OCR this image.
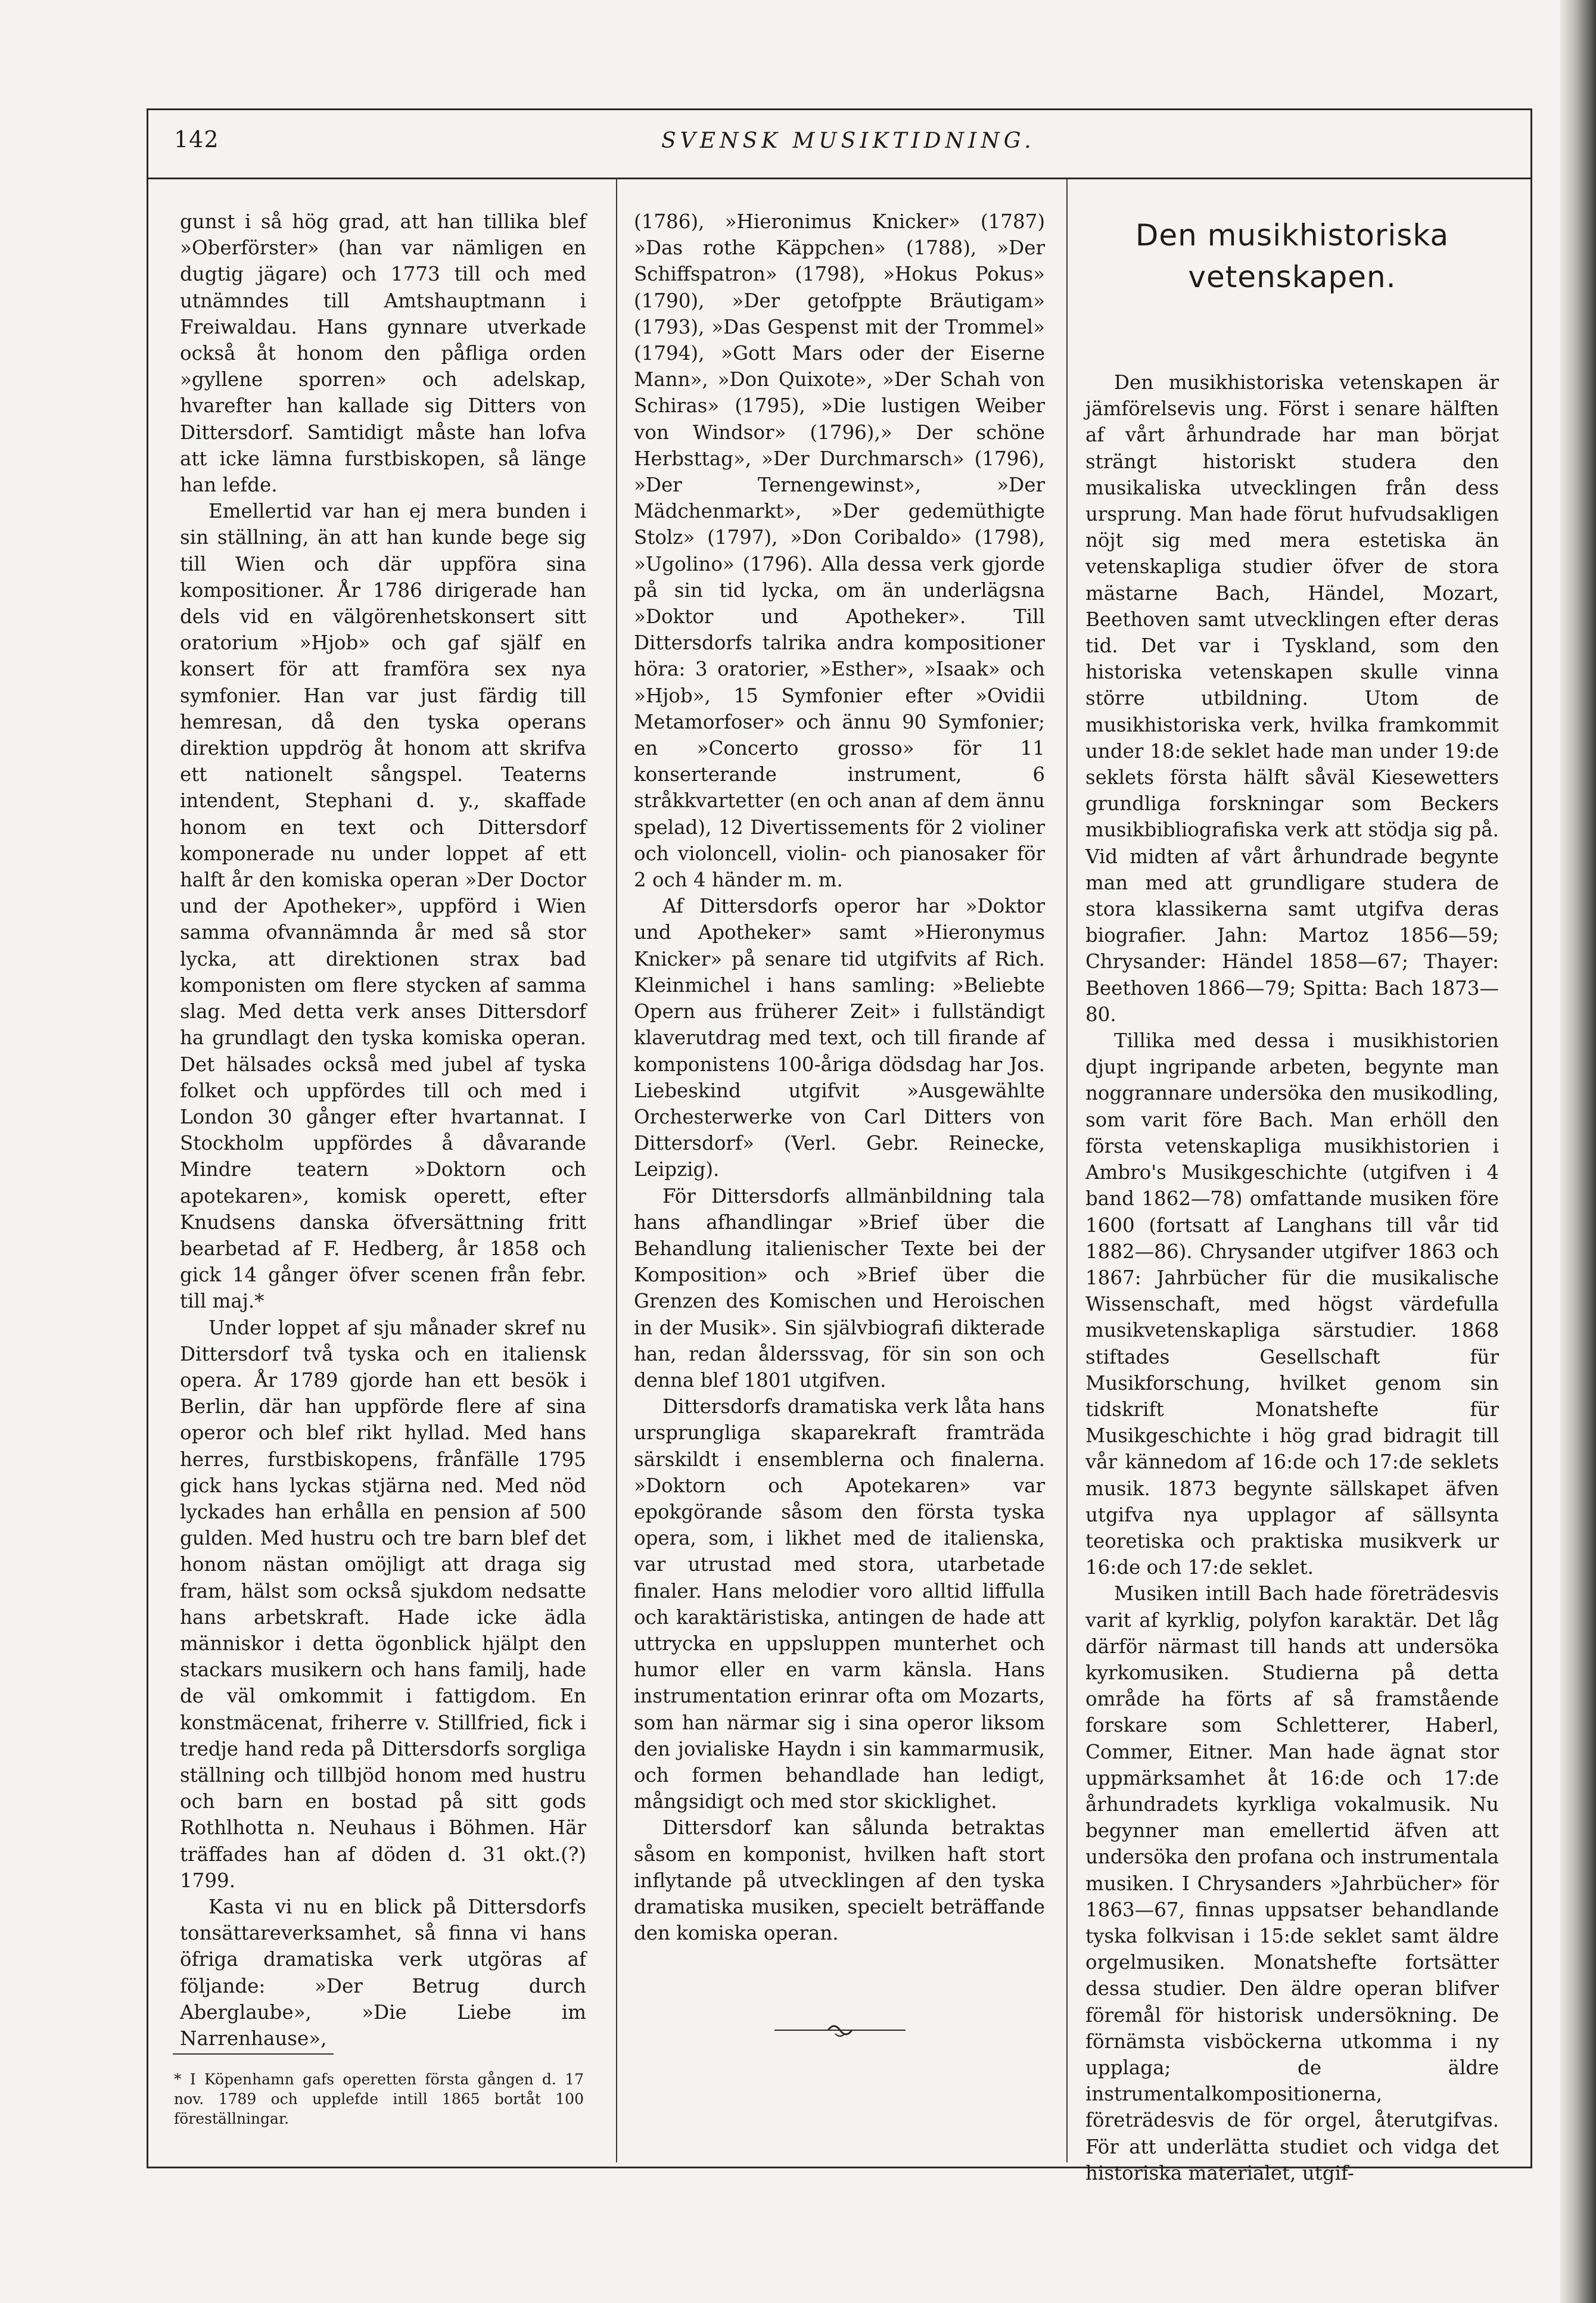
142	SVENSK MUSIKTIDNING.

gunst i så hög grad, att han tillika blef »Oberförster» (han var nämligen en dugtig jägare) och 1773 till och med utnämndes till Amtshauptmann i Freiwaldau. Hans gynnare utverkade också åt honom den påfliga orden »gyllene sporren» och adelskap, hvarefter han kallade sig Ditters von Dittersdorf. Samtidigt måste han lofva att icke lämna furstbiskopen, så länge han lefde.

Emellertid var han ej mera bunden i sin ställning, än att han kunde bege sig till Wien och där uppföra sina kompositioner. År 1786 dirigerade han dels vid en välgörenhetskonsert sitt oratorium »Hjob» och gaf själf en konsert för att framföra sex nya symfonier. Han var just färdig till hemresan, då den tyska operans direktion uppdrög åt honom att skrifva ett nationelt sångspel. Teaterns intendent, Stephani d. y., skaffade honom en text och Dittersdorf komponerade nu under loppet af ett halft år den komiska operan »Der Doctor und der Apotheker», uppförd i Wien samma ofvannämnda år med så stor lycka, att direktionen strax bad komponisten om flere stycken af samma slag. Med detta verk anses Dittersdorf ha grundlagt den tyska komiska operan. Det hälsades också med jubel af tyska folket och uppfördes till och med i London 30 gånger efter hvartannat. I Stockholm uppfördes å dåvarande Mindre teatern »Doktorn och apotekaren», komisk operett, efter Knudsens danska öfversättning fritt bearbetad af F. Hedberg, år 1858 och gick 14 gånger öfver scenen från febr. till maj.*

Under loppet af sju månader skref nu Dittersdorf två tyska och en italiensk opera. År 1789 gjorde han ett besök i Berlin, där han uppförde flere af sina operor och blef rikt hyllad. Med hans herres, furstbiskopens, frånfälle 1795 gick hans lyckas stjärna ned. Med nöd lyckades han erhålla en pension af 500 gulden. Med hustru och tre barn blef det honom nästan omöjligt att draga sig fram, hälst som också sjukdom nedsatte hans arbetskraft. Hade icke ädla människor i detta ögonblick hjälpt den stackars musikern och hans familj, hade de väl omkommit i fattigdom. En konstmäcenat, friherre v. Stillfried, fick i tredje hand reda på Dittersdorfs sorgliga ställning och tillbjöd honom med hustru och barn en bostad på sitt gods Rothlhotta n. Neuhaus i Böhmen. Här träffades han af döden d. 31 okt.(?) 1799.

Kasta vi nu en blick på Dittersdorfs tonsättareverksamhet, så finna vi hans öfriga dramatiska verk utgöras af följande: »Der Betrug durch Aberglaube», »Die Liebe im Narrenhause»,

* I Köpenhamn gafs operetten första gången d. 17 nov. 1789 och upplefde intill 1865 bortåt 100 föreställningar.

(1786), »Hieronimus Knicker» (1787) »Das rothe Käppchen» (1788), »Der Schiffspatron» (1798), »Hokus Pokus» (1790), »Der getofppte Bräutigam» (1793), »Das Gespenst mit der Trommel» (1794), »Gott Mars oder der Eiserne Mann», »Don Quixote», »Der Schah von Schiras» (1795), »Die lustigen Weiber von Windsor» (1796),» Der schöne Herbsttag», »Der Durchmarsch» (1796), »Der Ternengewinst», »Der Mädchenmarkt», »Der gedemüthigte Stolz» (1797), »Don Coribaldo» (1798), »Ugolino» (1796). Alla dessa verk gjorde på sin tid lycka, om än underlägsna »Doktor und Apotheker». Till Dittersdorfs talrika andra kompositioner höra: 3 oratorier, »Esther», »Isaak» och »Hjob», 15 Symfonier efter »Ovidii Metamorfoser» och ännu 90 Symfonier; en »Concerto grosso» för 11 konserterande instrument, 6 stråkkvartetter (en och anan af dem ännu spelad), 12 Divertissements för 2 violiner och violoncell, violin- och pianosaker för 2 och 4 händer m. m.

Af Dittersdorfs operor har »Doktor und Apotheker» samt »Hieronymus Knicker» på senare tid utgifvits af Rich. Kleinmichel i hans samling: »Beliebte Opern aus früherer Zeit» i fullständigt klaverutdrag med text, och till firande af komponistens 100-åriga dödsdag har Jos. Liebeskind utgifvit »Ausgewählte Orchesterwerke von Carl Ditters von Dittersdorf» (Verl. Gebr. Reinecke, Leipzig).

För Dittersdorfs allmänbildning tala hans afhandlingar »Brief über die Behandlung italienischer Texte bei der Komposition» och »Brief über die Grenzen des Komischen und Heroischen in der Musik». Sin självbiografi dikterade han, redan ålderssvag, för sin son och denna blef 1801 utgifven.

Dittersdorfs dramatiska verk låta hans ursprungliga skaparekraft framträda särskildt i ensemblerna och finalerna. »Doktorn och Apotekaren» var epokgörande såsom den första tyska opera, som, i likhet med de italienska, var utrustad med stora, utarbetade finaler. Hans melodier voro alltid liffulla och karaktäristiska, antingen de hade att uttrycka en uppsluppen munterhet och humor eller en varm känsla. Hans instrumentation erinrar ofta om Mozarts, som han närmar sig i sina operor liksom den jovialiske Haydn i sin kammarmusik, och formen behandlade han ledigt, mångsidigt och med stor skicklighet.

Dittersdorf kan sålunda betraktas såsom en komponist, hvilken haft stort inflytande på utvecklingen af den tyska dramatiska musiken, specielt beträffande den komiska operan.

Den musikhistoriska vetenskapen.

Den musikhistoriska vetenskapen är jämförelsevis ung. Först i senare hälften af vårt århundrade har man börjat strängt historiskt studera den musikaliska utvecklingen från dess ursprung. Man hade förut hufvudsakligen nöjt sig med mera estetiska än vetenskapliga studier öfver de stora mästarne Bach, Händel, Mozart, Beethoven samt utvecklingen efter deras tid. Det var i Tyskland, som den historiska vetenskapen skulle vinna större utbildning. Utom de musikhistoriska verk, hvilka framkommit under 18:de seklet hade man under 19:de seklets första hälft såväl Kiesewetters grundliga forskningar som Beckers musikbibliografiska verk att stödja sig på. Vid midten af vårt århundrade begynte man med att grundligare studera de stora klassikerna samt utgifva deras biografier. Jahn: Martoz 1856—59; Chrysander: Händel 1858—67; Thayer: Beethoven 1866—79; Spitta: Bach 1873—80.

Tillika med dessa i musikhistorien djupt ingripande arbeten, begynte man noggrannare undersöka den musikodling, som varit före Bach. Man erhöll den första vetenskapliga musikhistorien i Ambro's Musikgeschichte (utgifven i 4 band 1862—78) omfattande musiken före 1600 (fortsatt af Langhans till vår tid 1882—86). Chrysander utgifver 1863 och 1867: Jahrbücher für die musikalische Wissenschaft, med högst värdefulla musikvetenskapliga särstudier. 1868 stiftades Gesellschaft für Musikforschung, hvilket genom sin tidskrift Monatshefte für Musikgeschichte i hög grad bidragit till vår kännedom af 16:de och 17:de seklets musik. 1873 begynte sällskapet äfven utgifva nya upplagor af sällsynta teoretiska och praktiska musikverk ur 16:de och 17:de seklet.

Musiken intill Bach hade företrädesvis varit af kyrklig, polyfon karaktär. Det låg därför närmast till hands att undersöka kyrkomusiken. Studierna på detta område ha förts af så framstående forskare som Schletterer, Haberl, Commer, Eitner. Man hade ägnat stor uppmärksamhet åt 16:de och 17:de århundradets kyrkliga vokalmusik. Nu begynner man emellertid äfven att undersöka den profana och instrumentala musiken. I Chrysanders »Jahrbücher» för 1863—67, finnas uppsatser behandlande tyska folkvisan i 15:de seklet samt äldre orgelmusiken. Monatshefte fortsätter dessa studier. Den äldre operan blifver föremål för historisk undersökning. De förnämsta visböckerna utkomma i ny upplaga; de äldre instrumentalkompositionerna, företrädesvis de för orgel, återutgifvas. För att underlätta studiet och vidga det historiska materialet, utgif-
